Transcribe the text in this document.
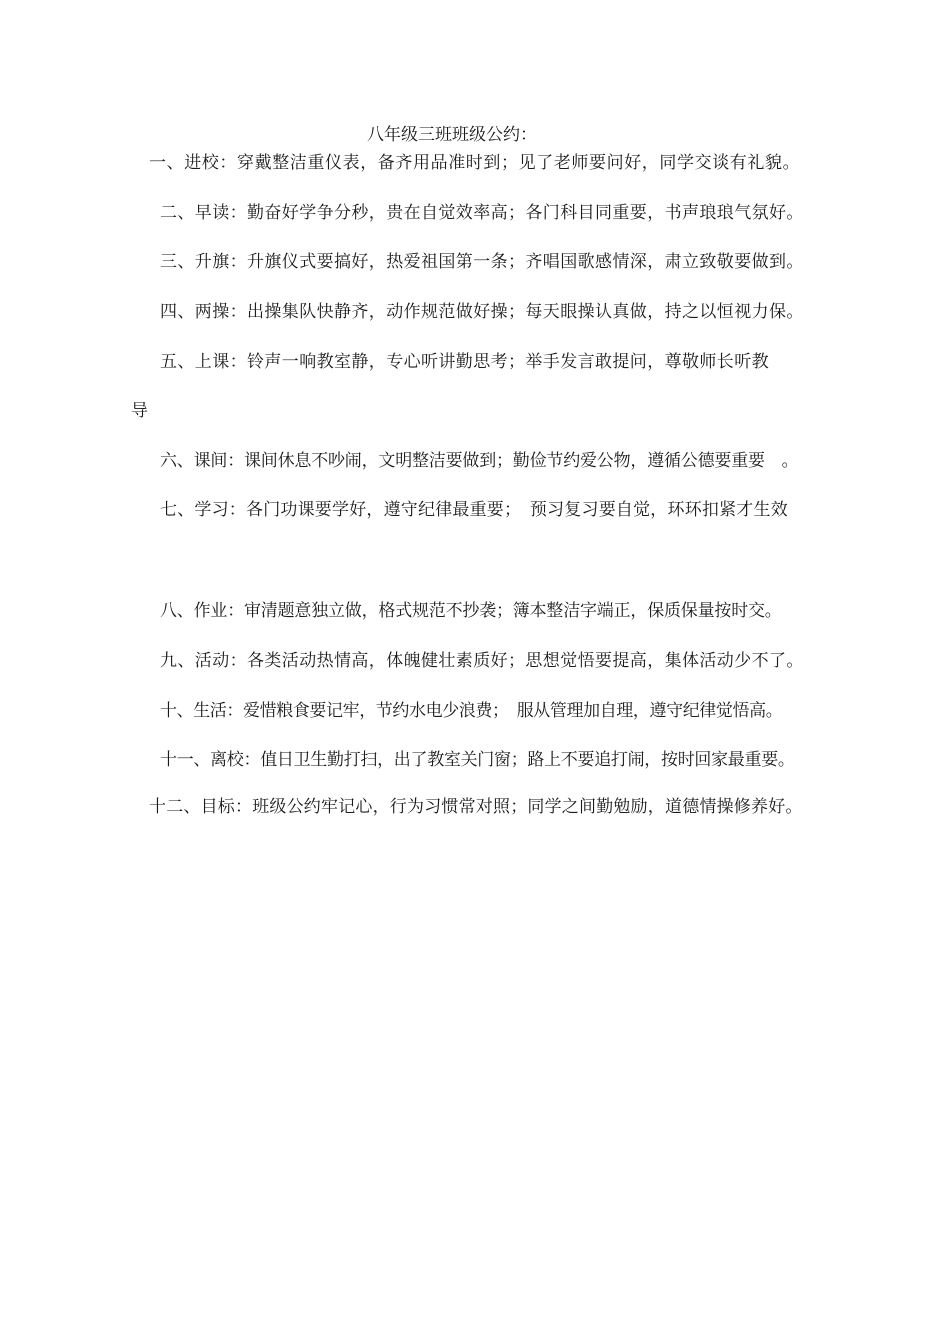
八年级三班班级公约：
一、进校：穿戴整洁重仪表，备齐用品准时到；见了老师要问好，同学交谈有礼貌。
二、早读：勤奋好学争分秒，贵在自觉效率高；各门科目同重要，书声琅琅气氛好。
三、升旗：升旗仪式要搞好，热爱祖国第一条；齐唱国歌感情深，肃立致敬要做到。
四、两操：出操集队快静齐，动作规范做好操；每天眼操认真做，持之以恒视力保。
五、上课：铃声一响教室静，专心听讲勤思考；举手发言敢提问，尊敬师长听教
导
六、课间：课间休息不吵闹，文明整洁要做到；勤俭节约爱公物，遵循公德要重要　。
七、学习：各门功课要学好，遵守纪律最重要；　预习复习要自觉，环环扣紧才生效
八、作业：审清题意独立做，格式规范不抄袭；簿本整洁字端正，保质保量按时交。
九、活动：各类活动热情高，体魄健壮素质好；思想觉悟要提高，集体活动少不了。
十、生活：爱惜粮食要记牢，节约水电少浪费；　服从管理加自理，遵守纪律觉悟高。
十一、离校：值日卫生勤打扫，出了教室关门窗；路上不要追打闹，按时回家最重要。
十二、目标：班级公约牢记心，行为习惯常对照；同学之间勤勉励，道德情操修养好。
